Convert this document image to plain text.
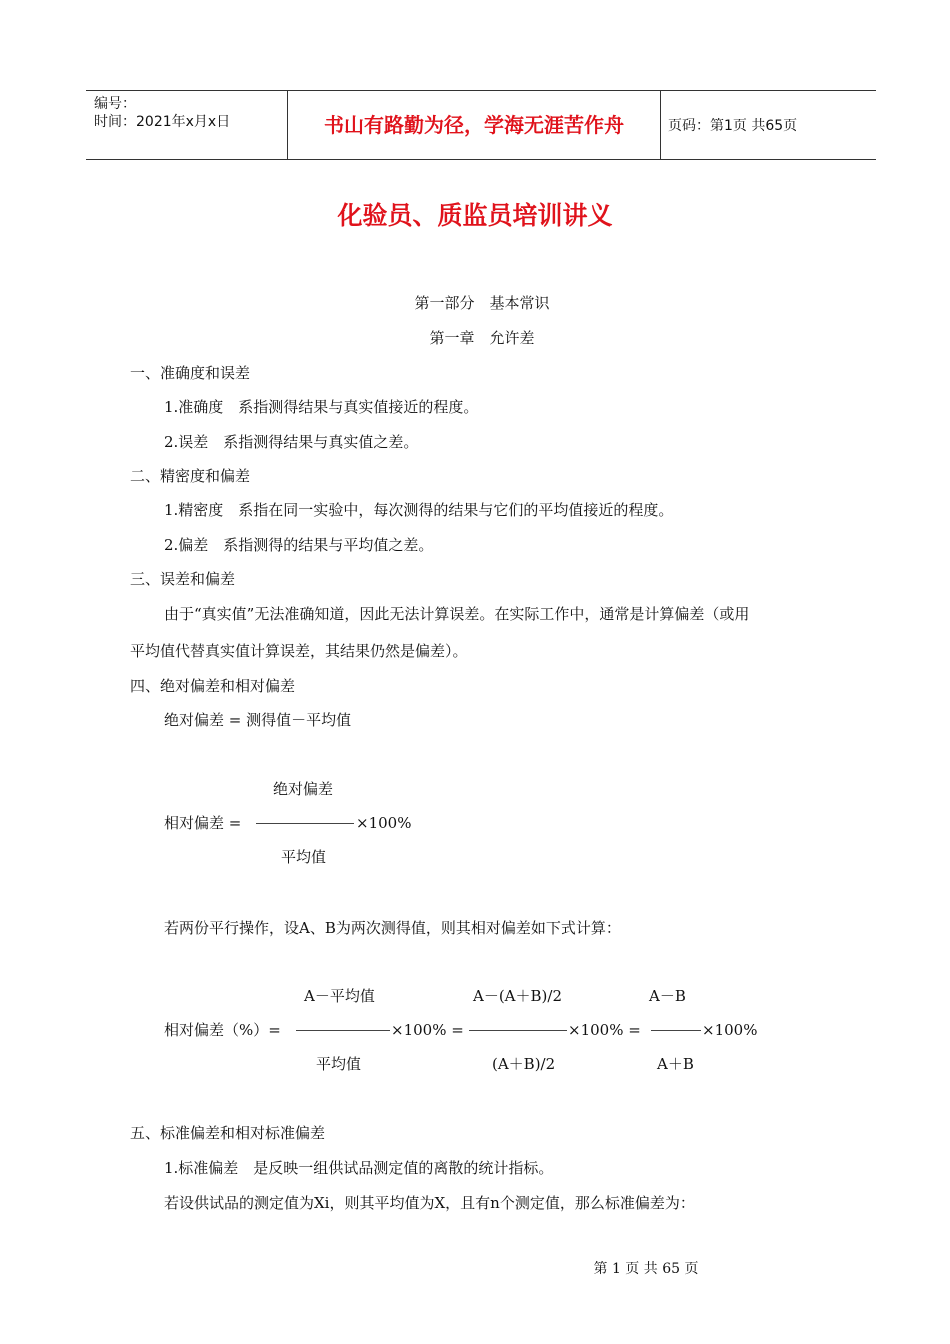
编号：
时间：2021年x月x日	书山有路勤为径，学海无涯苦作舟	页码：第1页 共65页
化验员、质监员培训讲义
第一部分　基本常识
第一章　允许差
一、准确度和误差
1.准确度　系指测得结果与真实值接近的程度。
2.误差　系指测得结果与真实值之差。
二、精密度和偏差
1.精密度　系指在同一实验中，每次测得的结果与它们的平均值接近的程度。
2.偏差　系指测得的结果与平均值之差。
三、误差和偏差
由于“真实值”无法准确知道，因此无法计算误差。在实际工作中，通常是计算偏差（或用
平均值代替真实值计算误差，其结果仍然是偏差）。
四、绝对偏差和相对偏差
绝对偏差 = 测得值－平均值
绝对偏差
相对偏差 =	×100%
平均值
若两份平行操作，设A、B为两次测得值，则其相对偏差如下式计算：
A－平均值	A－(A＋B)/2	A－B
相对偏差（%）=	×100% =	×100% =	×100%
平均值	(A＋B)/2	A＋B
五、标准偏差和相对标准偏差
1.标准偏差　是反映一组供试品测定值的离散的统计指标。
若设供试品的测定值为Xi，则其平均值为X，且有n个测定值，那么标准偏差为：
第 1 页 共 65 页
